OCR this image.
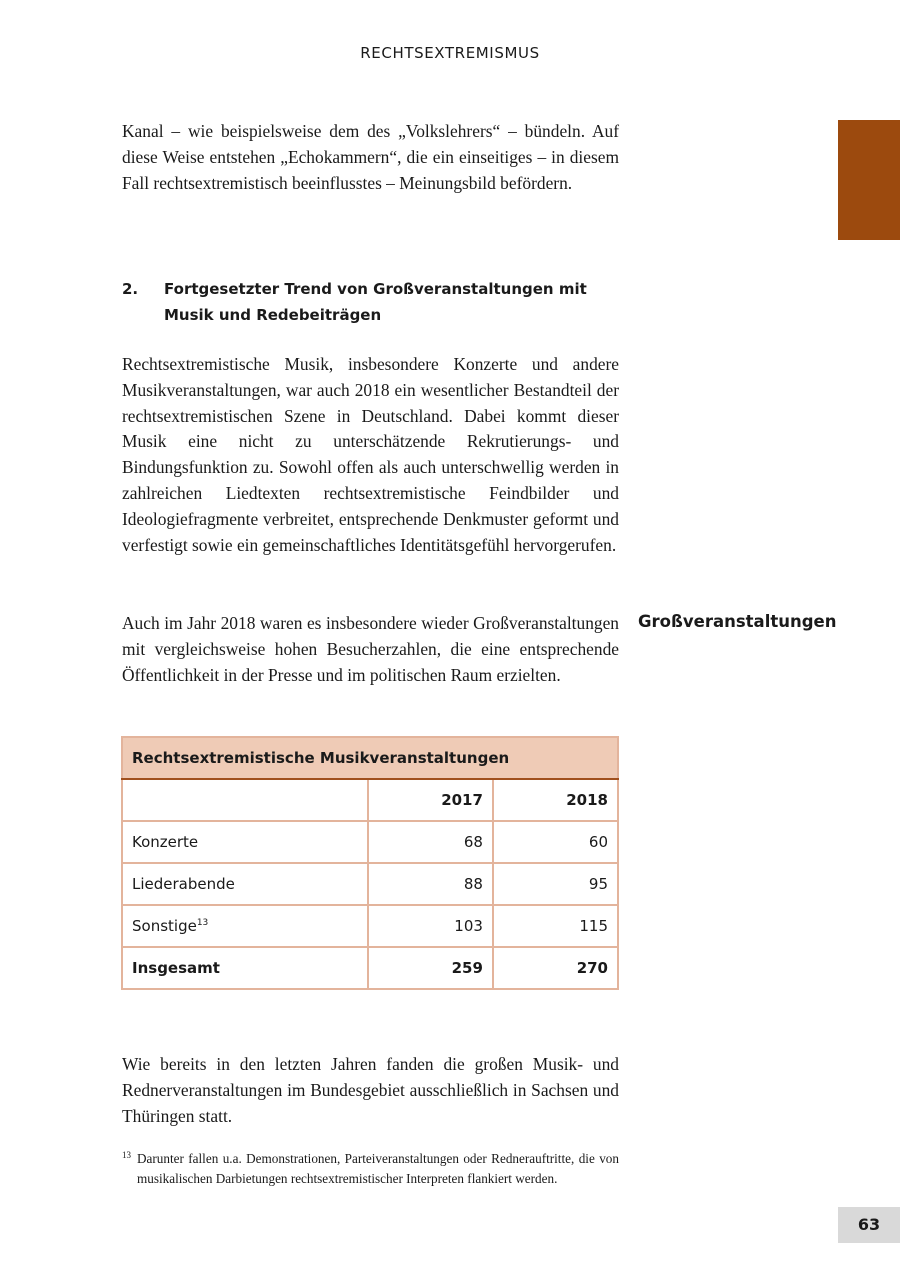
RECHTSEXTREMISMUS

Kanal – wie beispielsweise dem des „Volkslehrers“ – bündeln. Auf diese Weise entstehen „Echokammern“, die ein einseitiges – in diesem Fall rechtsextremistisch beeinflusstes – Meinungsbild befördern.

2. Fortgesetzter Trend von Großveranstaltungen mit Musik und Redebeiträgen

Rechtsextremistische Musik, insbesondere Konzerte und andere Musikveranstaltungen, war auch 2018 ein wesentlicher Bestandteil der rechtsextremistischen Szene in Deutschland. Dabei kommt dieser Musik eine nicht zu unterschätzende Rekrutierungs- und Bindungsfunktion zu. Sowohl offen als auch unterschwellig werden in zahlreichen Liedtexten rechtsextremistische Feindbilder und Ideologiefragmente verbreitet, entsprechende Denkmuster geformt und verfestigt sowie ein gemeinschaftliches Identitätsgefühl hervorgerufen.

Auch im Jahr 2018 waren es insbesondere wieder Großveranstaltungen mit vergleichsweise hohen Besucherzahlen, die eine entsprechende Öffentlichkeit in der Presse und im politischen Raum erzielten.

Großveranstaltungen
Rechtsextremistische Musikveranstaltungen		
	2017	2018
Konzerte	68	60
Liederabende	88	95
Sonstige$^{13}$	103	115
Insgesamt	259	270

Wie bereits in den letzten Jahren fanden die großen Musik- und Rednerveranstaltungen im Bundesgebiet ausschließlich in Sachsen und Thüringen statt.

13 Darunter fallen u.a. Demonstrationen, Parteiveranstaltungen oder Rednerauftritte, die von musikalischen Darbietungen rechtsextremistischer Interpreten flankiert werden.
63
